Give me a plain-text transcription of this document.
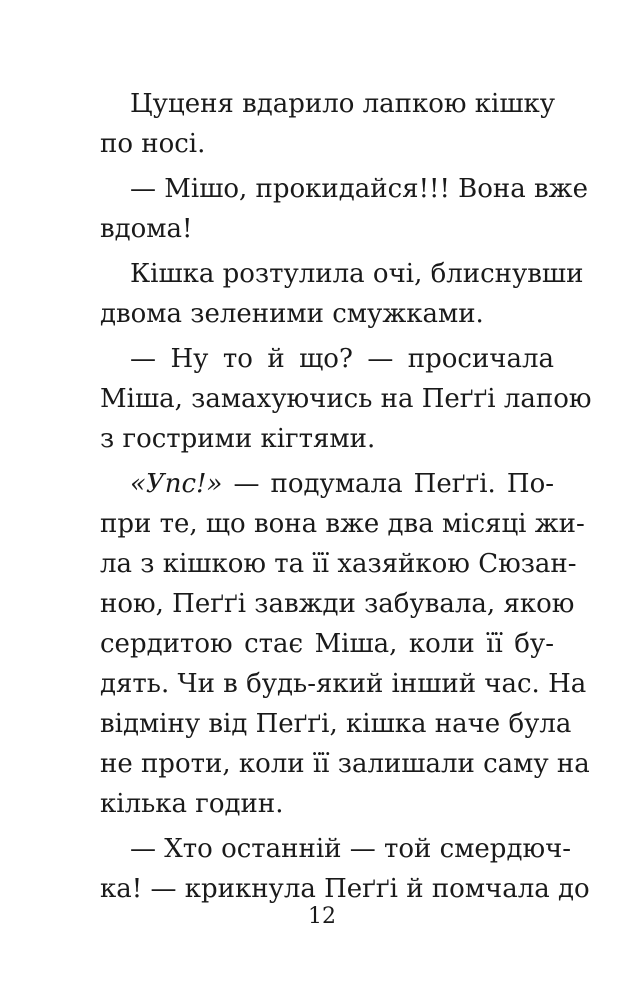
Цуценя вдарило лапкою кішку
по носі.
— Мішо, прокидайся!!! Вона вже
вдома!
Кішка розтулила очі, блиснувши
двома зеленими смужками.
— Ну то й що? — просичала
Міша, замахуючись на Пеґґі лапою
з гострими кігтями.
«Упс!» — подумала Пеґґі. По-
при те, що вона вже два місяці жи-
ла з кішкою та її хазяйкою Сюзан-
ною, Пеґґі завжди забувала, якою
сердитою стає Міша, коли її бу-
дять. Чи в будь-який інший час. На
відміну від Пеґґі, кішка наче була
не проти, коли її залишали саму на
кілька годин.
— Хто останній — той смердюч-
ка! — крикнула Пеґґі й помчала до
12
